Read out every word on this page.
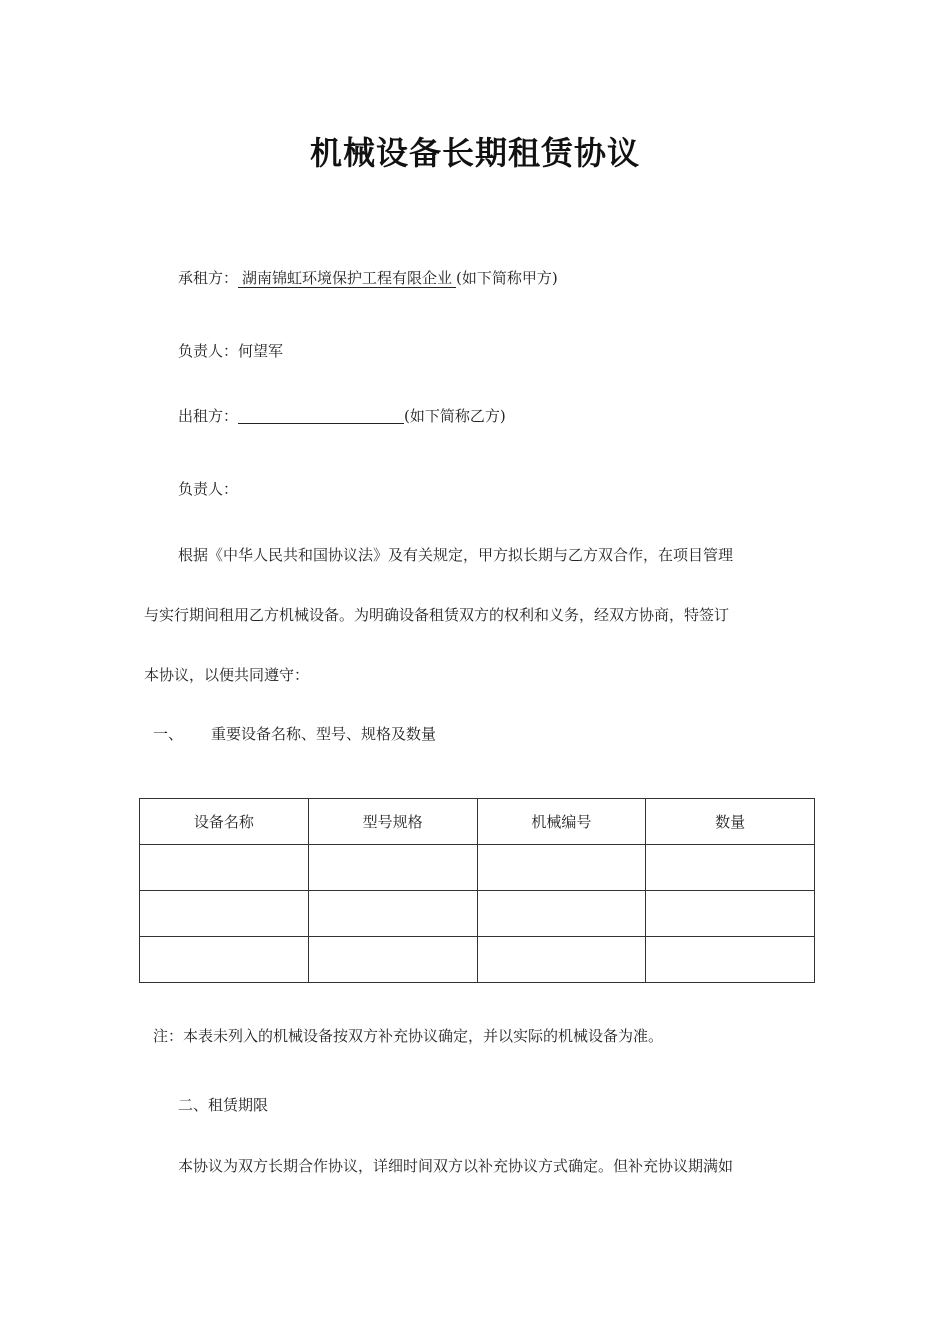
机械设备长期租赁协议
承租方： 湖南锦虹环境保护工程有限企业 (如下简称甲方)
负责人：何望军
出租方：	(如下简称乙方)
负责人：
根据《中华人民共和国协议法》及有关规定，甲方拟长期与乙方双合作，在项目管理
与实行期间租用乙方机械设备。为明确设备租赁双方的权利和义务，经双方协商，特签订
本协议，以便共同遵守：
一、 重要设备名称、型号、规格及数量
设备名称	型号规格	机械编号	数量

注：本表未列入的机械设备按双方补充协议确定，并以实际的机械设备为准。
二、租赁期限
本协议为双方长期合作协议，详细时间双方以补充协议方式确定。但补充协议期满如
